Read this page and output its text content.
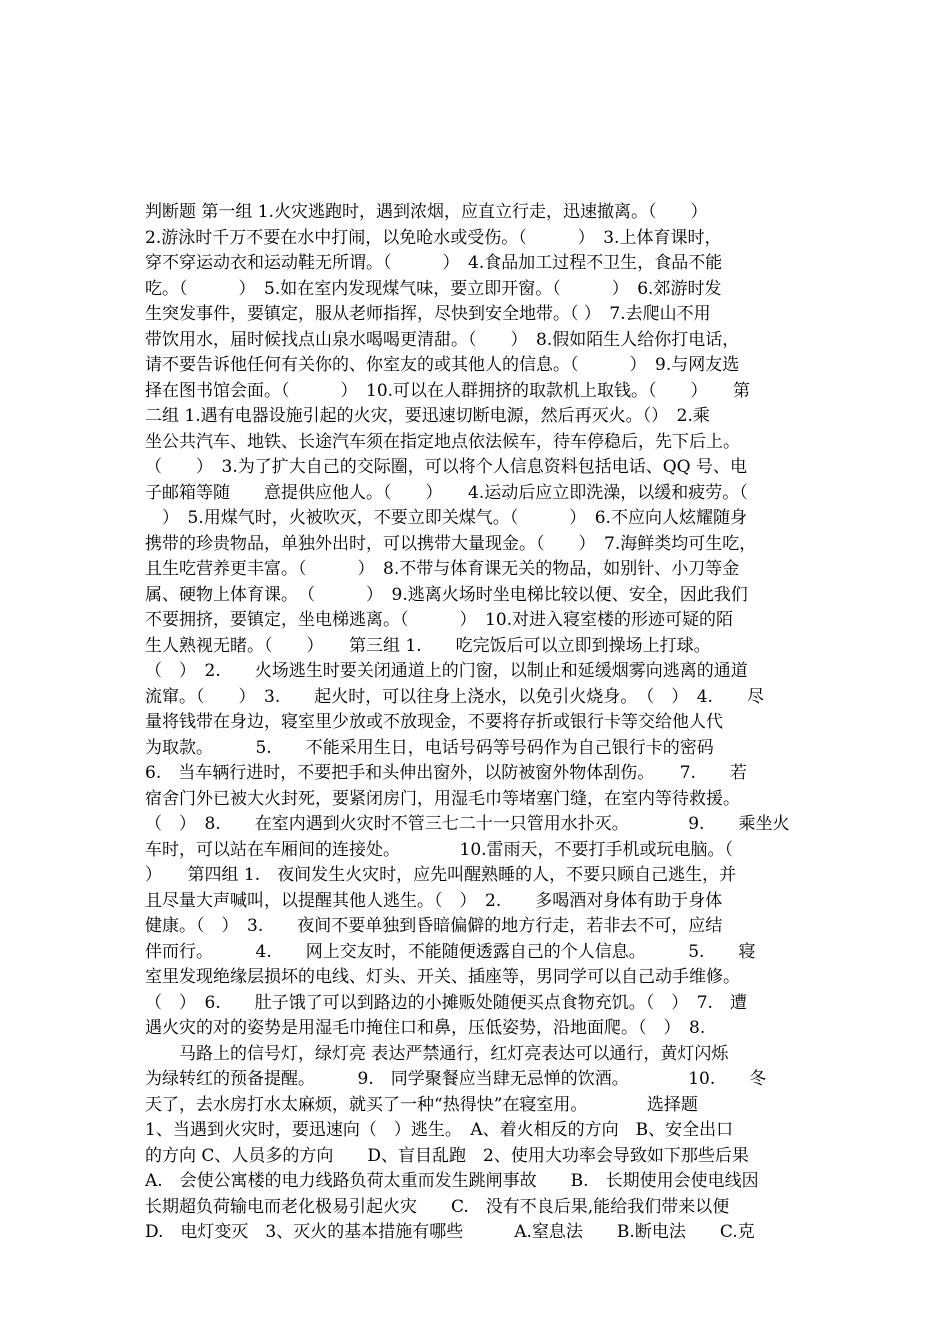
判断题 第一组 1.火灾逃跑时，遇到浓烟，应直立行走，迅速撤离。（　　）
2.游泳时千万不要在水中打闹，以免呛水或受伤。（　　　）　3.上体育课时，
穿不穿运动衣和运动鞋无所谓。（　　　）　4.食品加工过程不卫生，食品不能
吃。（　　　）　5.如在室内发现煤气味，要立即开窗。（　　　）　6.郊游时发
生突发事件，要镇定，服从老师指挥，尽快到安全地带。（ ）　7.去爬山不用
带饮用水，届时候找点山泉水喝喝更清甜。（　　）　8.假如陌生人给你打电话，
请不要告诉他任何有关你的、你室友的或其他人的信息。（　　　）　9.与网友选
择在图书馆会面。（　　　）　10.可以在人群拥挤的取款机上取钱。（　　）　　第
二组 1.遇有电器设施引起的火灾，要迅速切断电源，然后再灭火。（）　2.乘
坐公共汽车、地铁、长途汽车须在指定地点依法候车，待车停稳后，先下后上。
（　　）　3.为了扩大自己的交际圈，可以将个人信息资料包括电话、QQ 号、电
子邮箱等随　　意提供应他人。（　　）　　4.运动后应立即洗澡，以缓和疲劳。（
　）　5.用煤气时，火被吹灭，不要立即关煤气。（　　　）　6.不应向人炫耀随身
携带的珍贵物品，单独外出时，可以携带大量现金。（　　）　7.海鲜类均可生吃，
且生吃营养更丰富。（　　　）　8.不带与体育课无关的物品，如别针、小刀等金
属、硬物上体育课。　（　　　）　9.逃离火场时坐电梯比较以便、安全，因此我们
不要拥挤，要镇定，坐电梯逃离。（　　　）　10.对进入寝室楼的形迹可疑的陌
生人熟视无睹。（　　）　　第三组 1.　　吃完饭后可以立即到操场上打球。
（　）　2.　　火场逃生时要关闭通道上的门窗，以制止和延缓烟雾向逃离的通道
流窜。（　　）　3.　　起火时，可以往身上浇水，以免引火烧身。　（　）　4.　　尽
量将钱带在身边，寝室里少放或不放现金，不要将存折或银行卡等交给他人代
为取款。　　　5.　　不能采用生日，电话号码等号码作为自己银行卡的密码
6.　当车辆行进时，不要把手和头伸出窗外，以防被窗外物体刮伤。　　7.　　若
宿舍门外已被大火封死，要紧闭房门，用湿毛巾等堵塞门缝，在室内等待救援。
（　）　8.　　在室内遇到火灾时不管三七二十一只管用水扑灭。　　　　9.　　乘坐火
车时，可以站在车厢间的连接处。　　　　10.雷雨天，不要打手机或玩电脑。（
）　　第四组 1.　夜间发生火灾时，应先叫醒熟睡的人，不要只顾自己逃生，并
且尽量大声喊叫，以提醒其他人逃生。（　）　2.　　多喝酒对身体有助于身体
健康。（　）　3.　　夜间不要单独到昏暗偏僻的地方行走，若非去不可，应结
伴而行。　　　4.　　网上交友时，不能随便透露自己的个人信息。　　　5.　　寝
室里发现绝缘层损坏的电线、灯头、开关、插座等，男同学可以自己动手维修。
（　）　6.　　肚子饿了可以到路边的小摊贩处随便买点食物充饥。（　）　7.　遭
遇火灾的对的姿势是用湿毛巾掩住口和鼻，压低姿势，沿地面爬。（　）　8.
　　马路上的信号灯，绿灯亮 表达严禁通行，红灯亮表达可以通行，黄灯闪烁
为绿转红的预备提醒。　　　9.　同学聚餐应当肆无忌惮的饮酒。　　　　10.　　冬
天了，去水房打水太麻烦，就买了一种“热得快”在寝室用。　　　　选择题
1、当遇到火灾时，要迅速向（　）逃生。　A、着火相反的方向　B、安全出口
的方向 C、人员多的方向　　D、盲目乱跑　2、使用大功率会导致如下那些后果
A.　会使公寓楼的电力线路负荷太重而发生跳闸事故　　B.　长期使用会使电线因
长期超负荷输电而老化极易引起火灾　　C.　没有不良后果,能给我们带来以便
D.　电灯变灭　3、灭火的基本措施有哪些　　　A.窒息法　　B.断电法　　C.克
